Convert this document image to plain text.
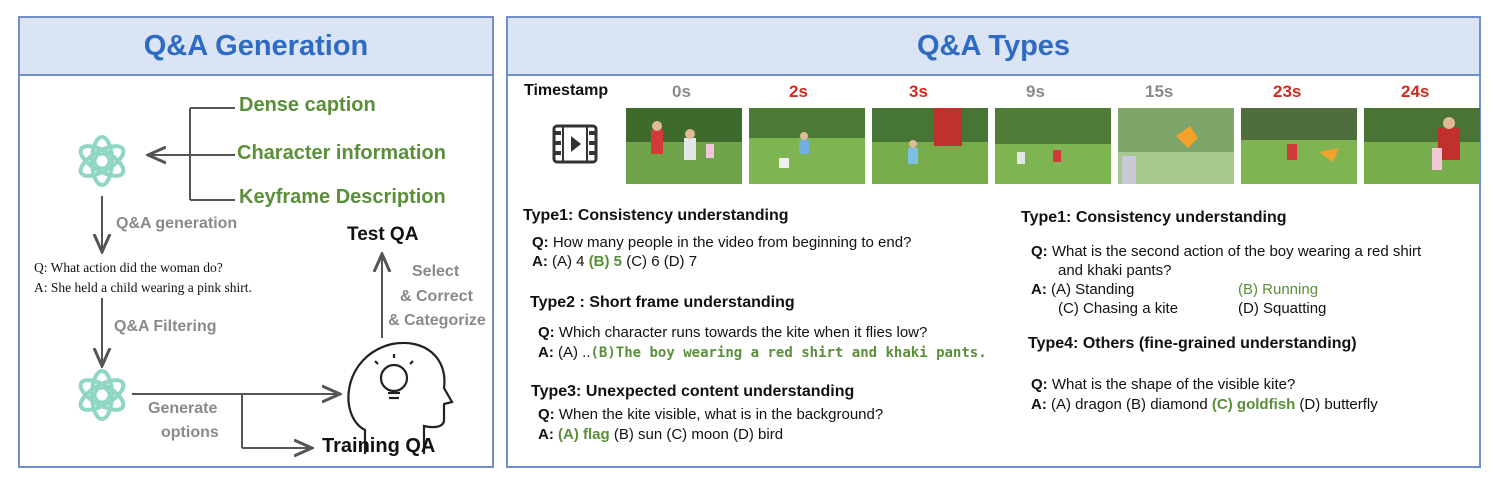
Q&A Generation
Dense caption
Character information
Keyframe Description
Q&A generation
Q: What action did the woman do?
A: She held a child wearing a pink shirt.
Q&A Filtering
Generate
options
Test QA
Training QA
Select
& Correct
& Categorize
Q&A Types
Timestamp	0s	2s	3s	9s	15s	23s	24s
Type1: Consistency understanding
Q: How many people in the video from beginning to end?
A: (A) 4 (B) 5 (C) 6 (D) 7
Type2 : Short frame understanding
Q: Which character runs towards the kite when it flies low?
A: (A) ..(B)The boy wearing a red shirt and khaki pants.
Type3: Unexpected content understanding
Q: When the kite visible, what is in the background?
A: (A) flag (B) sun (C) moon (D) bird
Type1: Consistency understanding
Q: What is the second action of the boy wearing a red shirt
and khaki pants?
A: (A) Standing	(B) Running
(C) Chasing a kite	(D) Squatting
Type4: Others (fine-grained understanding)
Q: What is the shape of the visible kite?
A: (A) dragon (B) diamond (C) goldfish (D) butterfly
